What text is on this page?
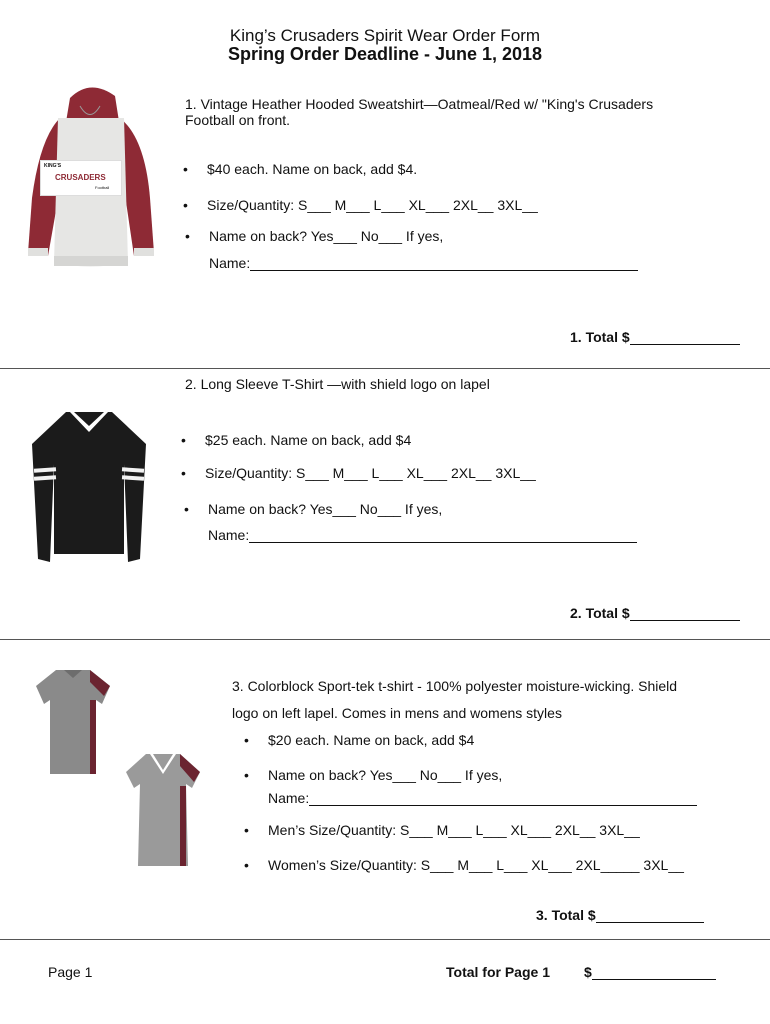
King’s Crusaders Spirit Wear Order Form
Spring Order Deadline - June 1, 2018
KING'S
CRUSADERS
Football
1. Vintage Heather Hooded Sweatshirt—Oatmeal/Red w/ "King's Crusaders
Football on front.
• $40 each. Name on back, add $4.
• Size/Quantity: S___ M___ L___ XL___ 2XL__ 3XL__
• Name on back? Yes___ No___ If yes,
Name:
1. Total $
2. Long Sleeve T-Shirt —with shield logo on lapel
• $25 each. Name on back, add $4
• Size/Quantity: S___ M___ L___ XL___ 2XL__ 3XL__
• Name on back? Yes___ No___ If yes,
Name:
2. Total $
3. Colorblock Sport-tek t-shirt - 100% polyester moisture-wicking. Shield
logo on left lapel. Comes in mens and womens styles
• $20 each. Name on back, add $4
• Name on back? Yes___ No___ If yes,
Name:
• Men’s Size/Quantity: S___ M___ L___ XL___ 2XL__ 3XL__
• Women’s Size/Quantity: S___ M___ L___ XL___ 2XL_____ 3XL__
3. Total $
Page 1	Total for Page 1 $
